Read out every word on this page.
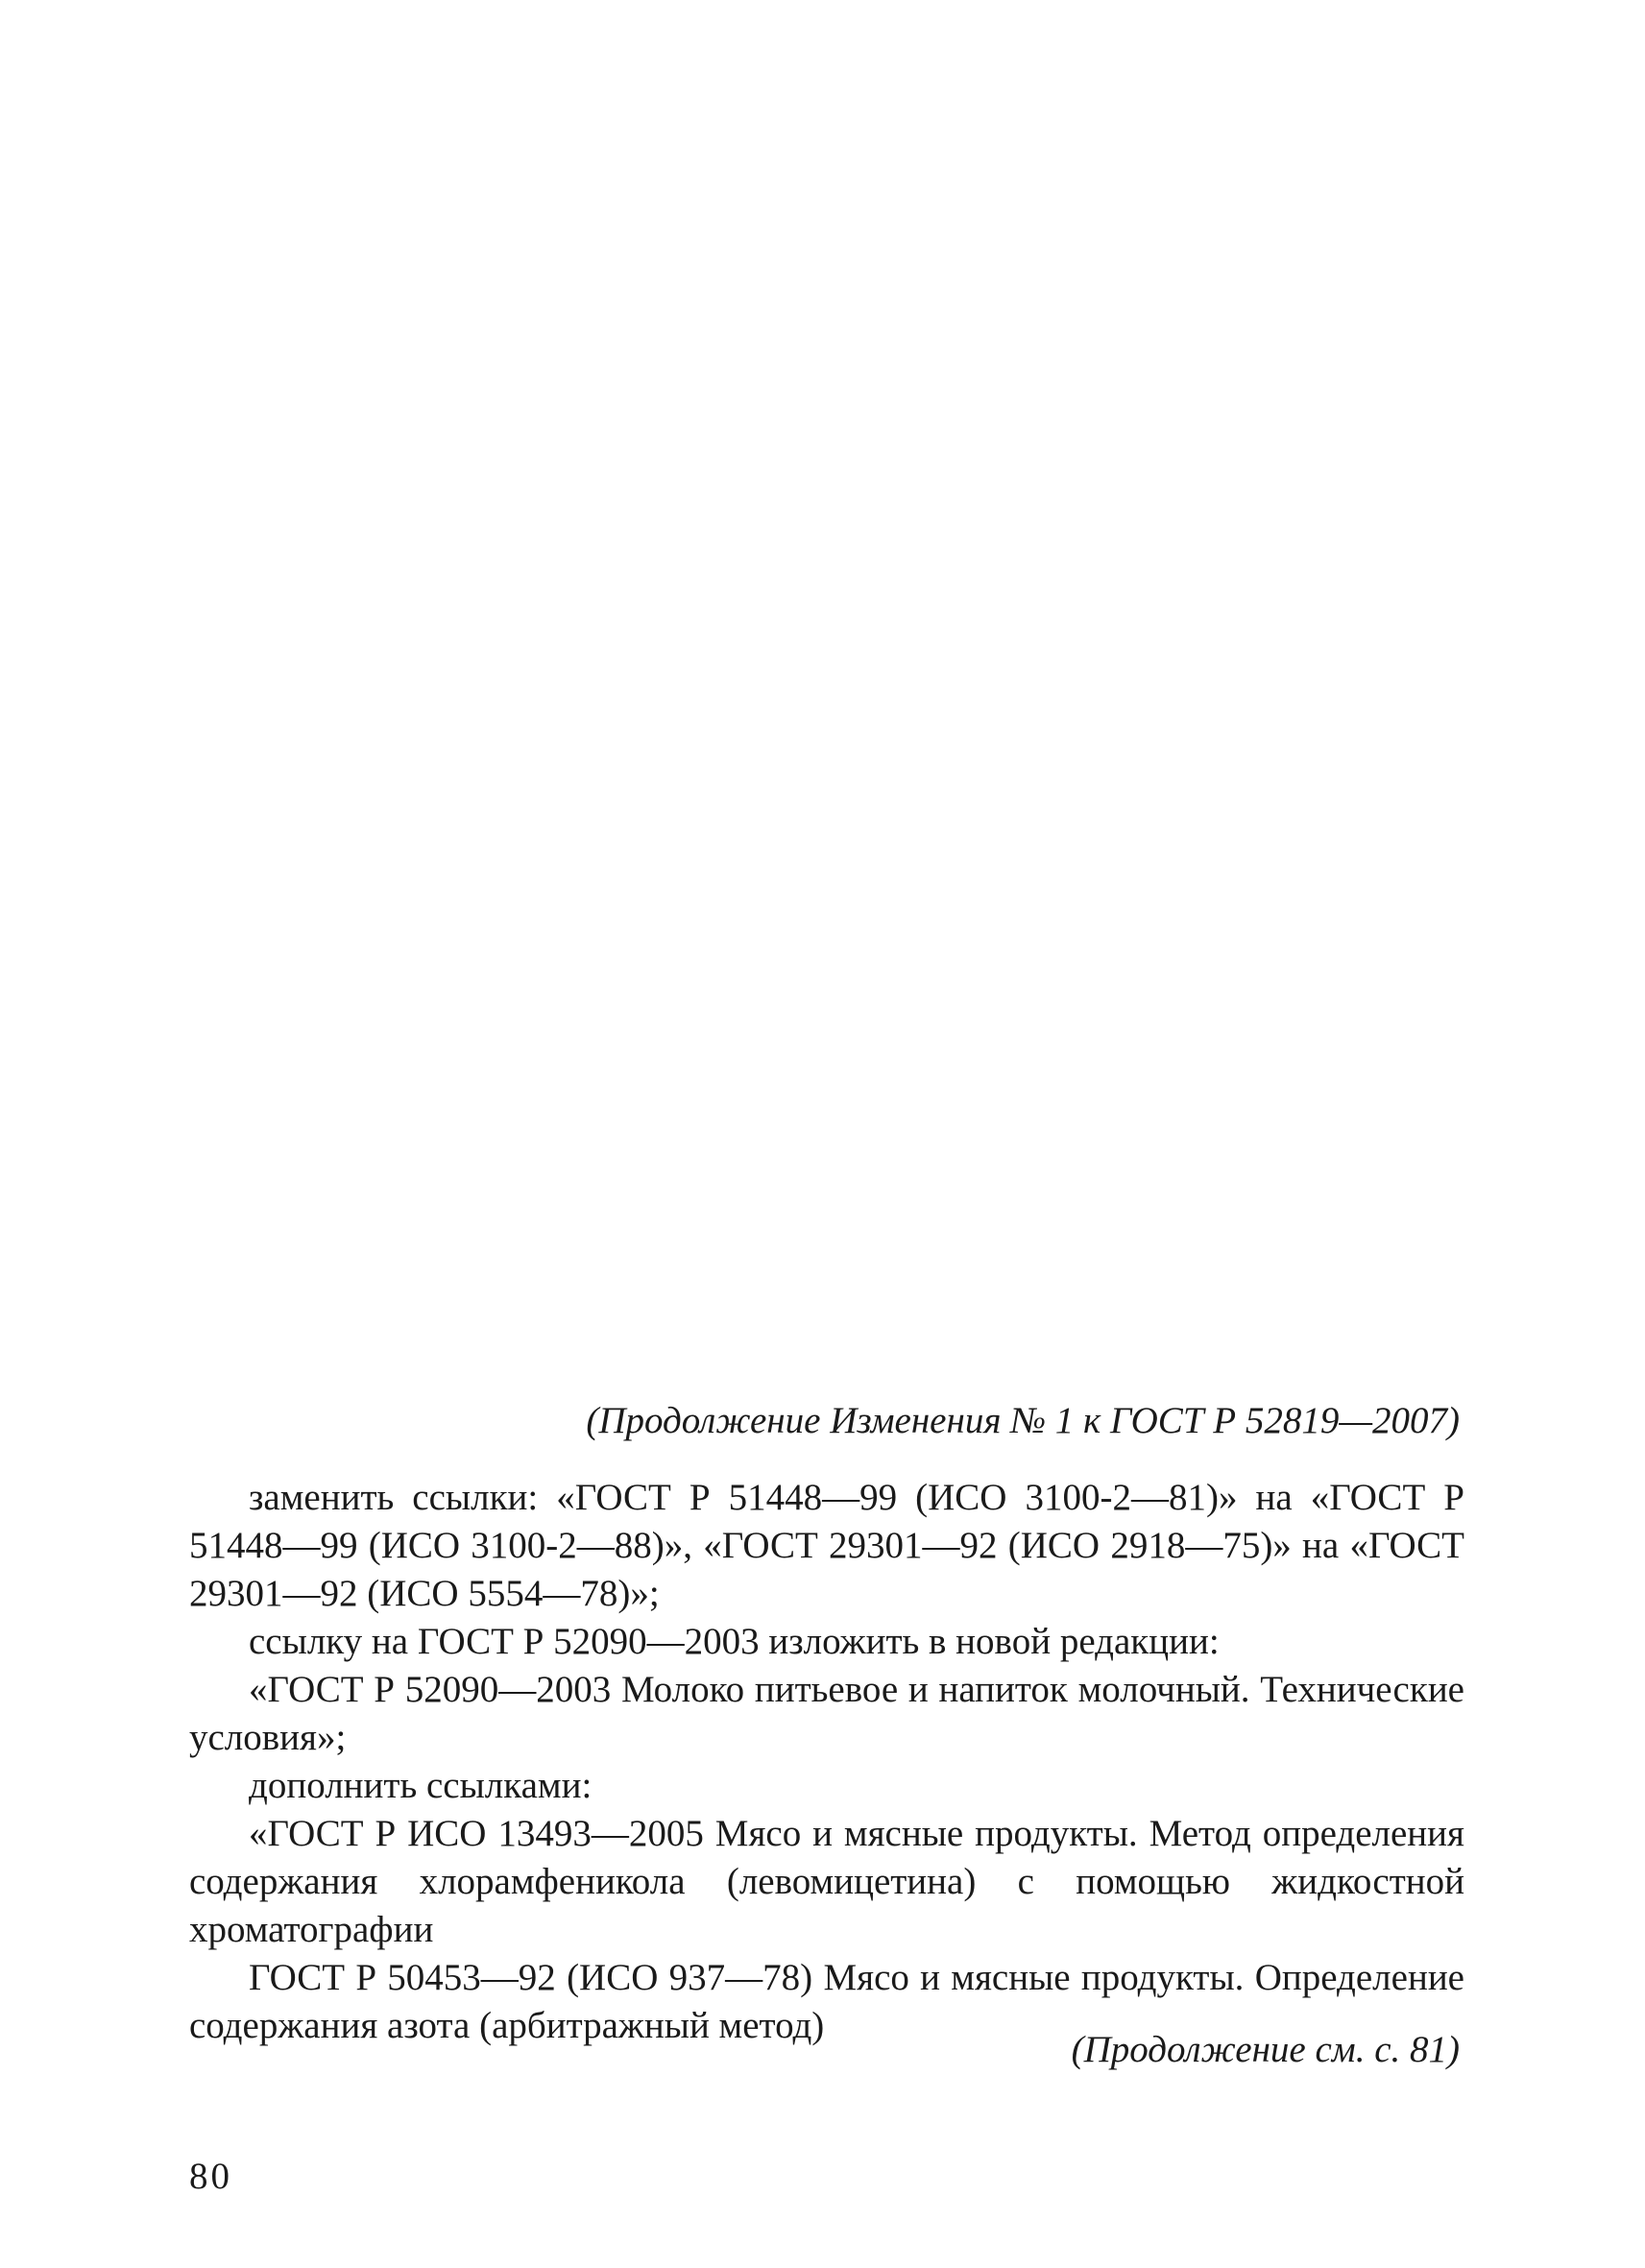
(Продолжение Изменения № 1 к ГОСТ Р 52819—2007)

заменить ссылки: «ГОСТ Р 51448—99 (ИСО 3100-2—81)» на «ГОСТ Р 51448—99 (ИСО 3100-2—88)», «ГОСТ 29301—92 (ИСО 2918—75)» на «ГОСТ 29301—92 (ИСО 5554—78)»;

ссылку на ГОСТ Р 52090—2003 изложить в новой редакции:

«ГОСТ Р 52090—2003 Молоко питьевое и напиток молочный. Технические условия»;

дополнить ссылками:

«ГОСТ Р ИСО 13493—2005 Мясо и мясные продукты. Метод определения содержания хлорамфеникола (левомицетина) с помощью жидкостной хроматографии

ГОСТ Р 50453—92 (ИСО 937—78) Мясо и мясные продукты. Определение содержания азота (арбитражный метод)

(Продолжение см. с. 81)
80
